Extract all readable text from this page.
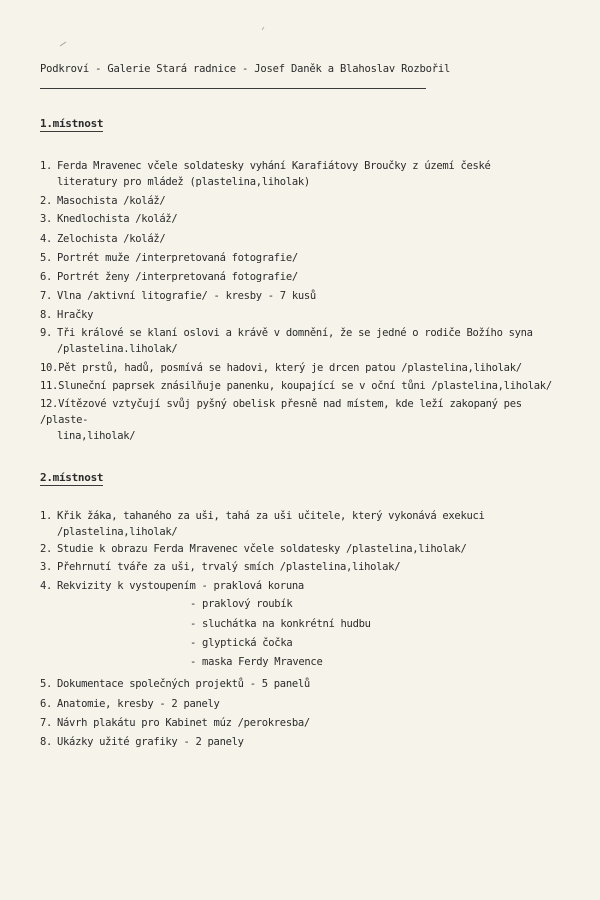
Podkroví - Galerie Stará radnice - Josef Daněk a Blahoslav Rozbořil
1.místnost
1. Ferda Mravenec včele soldatesky vyhání Karafiátovy Broučky z území české
literatury pro mládež (plastelina,liholak)
2. Masochista /koláž/
3. Knedlochista /koláž/
4. Zelochista /koláž/
5. Portrét muže /interpretovaná fotografie/
6. Portrét ženy /interpretovaná fotografie/
7. Vlna /aktivní litografie/ - kresby - 7 kusů
8. Hračky
9. Tři králové se klaní oslovi a krávě v domnění, že se jedné o rodiče Božího syna
/plastelina.liholak/
10.Pět prstů, hadů, posmívá se hadovi, který je drcen patou /plastelina,liholak/
11.Sluneční paprsek znásilňuje panenku, koupající se v oční tůni /plastelina,liholak/
12.Vítězové vztyčují svůj pyšný obelisk přesně nad místem, kde leží zakopaný pes /plaste-
lina,liholak/
2.místnost
1. Křik žáka, tahaného za uši, tahá za uši učitele, který vykonává exekuci
/plastelina,liholak/
2. Studie k obrazu Ferda Mravenec včele soldatesky /plastelina,liholak/
3. Přehrnutí tváře za uši, trvalý smích /plastelina,liholak/
4. Rekvizity k vystoupením - praklová koruna
- praklový roubík
- sluchátka na konkrétní hudbu
- glyptická čočka
- maska Ferdy Mravence
5. Dokumentace společných projektů - 5 panelů
6. Anatomie, kresby - 2 panely
7. Návrh plakátu pro Kabinet múz /perokresba/
8. Ukázky užité grafiky - 2 panely
